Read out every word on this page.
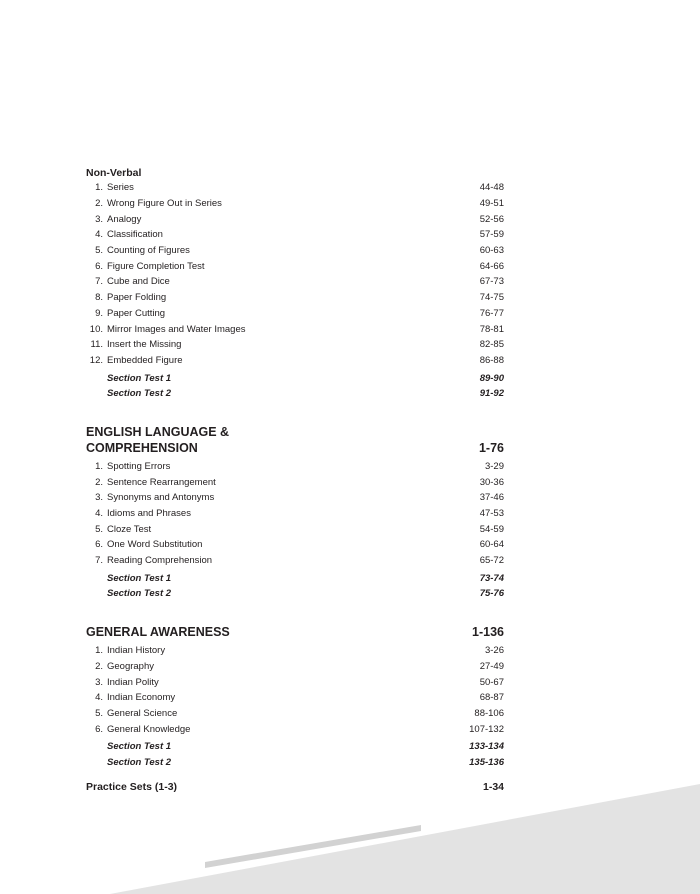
Non-Verbal
1. Series	44-48
2. Wrong Figure Out in Series	49-51
3. Analogy	52-56
4. Classification	57-59
5. Counting of Figures	60-63
6. Figure Completion Test	64-66
7. Cube and Dice	67-73
8. Paper Folding	74-75
9. Paper Cutting	76-77
10. Mirror Images and Water Images	78-81
11. Insert the Missing	82-85
12. Embedded Figure	86-88
Section Test 1	89-90
Section Test 2	91-92
ENGLISH LANGUAGE &
COMPREHENSION	1-76
1. Spotting Errors	3-29
2. Sentence Rearrangement	30-36
3. Synonyms and Antonyms	37-46
4. Idioms and Phrases	47-53
5. Cloze Test	54-59
6. One Word Substitution	60-64
7. Reading Comprehension	65-72
Section Test 1	73-74
Section Test 2	75-76
GENERAL AWARENESS	1-136
1. Indian History	3-26
2. Geography	27-49
3. Indian Polity	50-67
4. Indian Economy	68-87
5. General Science	88-106
6. General Knowledge	107-132
Section Test 1	133-134
Section Test 2	135-136
Practice Sets (1-3)	1-34
